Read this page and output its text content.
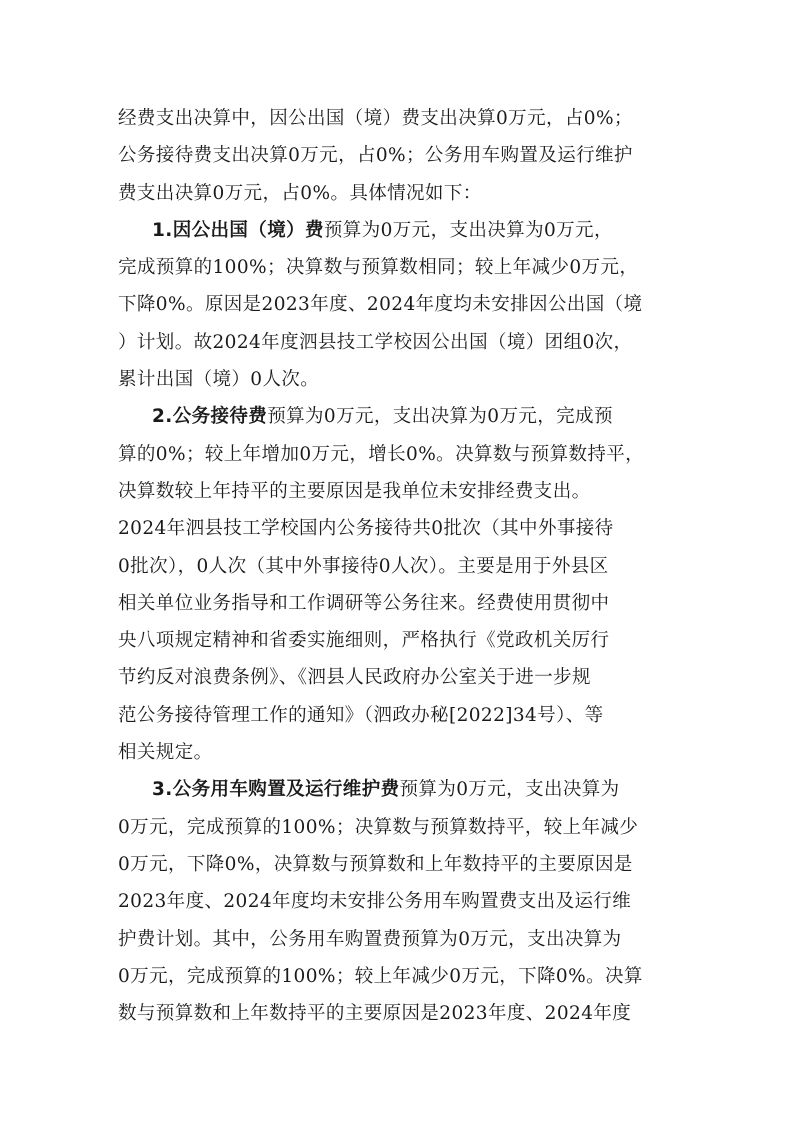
经费支出决算中，因公出国（境）费支出决算0万元，占0%；
公务接待费支出决算0万元，占0%；公务用车购置及运行维护
费支出决算0万元，占0%。具体情况如下：
1.因公出国（境）费预算为0万元，支出决算为0万元，
完成预算的100%；决算数与预算数相同；较上年减少0万元，
下降0%。原因是2023年度、2024年度均未安排因公出国（境
）计划。故2024年度泗县技工学校因公出国（境）团组0次，
累计出国（境）0人次。
2.公务接待费预算为0万元，支出决算为0万元，完成预
算的0%；较上年增加0万元，增长0%。决算数与预算数持平，
决算数较上年持平的主要原因是我单位未安排经费支出。
2024年泗县技工学校国内公务接待共0批次（其中外事接待
0批次），0人次（其中外事接待0人次）。主要是用于外县区
相关单位业务指导和工作调研等公务往来。经费使用贯彻中
央八项规定精神和省委实施细则，严格执行《党政机关厉行
节约反对浪费条例》、《泗县人民政府办公室关于进一步规
范公务接待管理工作的通知》（泗政办秘[2022]34号）、等
相关规定。
3.公务用车购置及运行维护费预算为0万元，支出决算为
0万元，完成预算的100%；决算数与预算数持平，较上年减少
0万元，下降0%，决算数与预算数和上年数持平的主要原因是
2023年度、2024年度均未安排公务用车购置费支出及运行维
护费计划。其中，公务用车购置费预算为0万元，支出决算为
0万元，完成预算的100%；较上年减少0万元，下降0%。决算
数与预算数和上年数持平的主要原因是2023年度、2024年度
